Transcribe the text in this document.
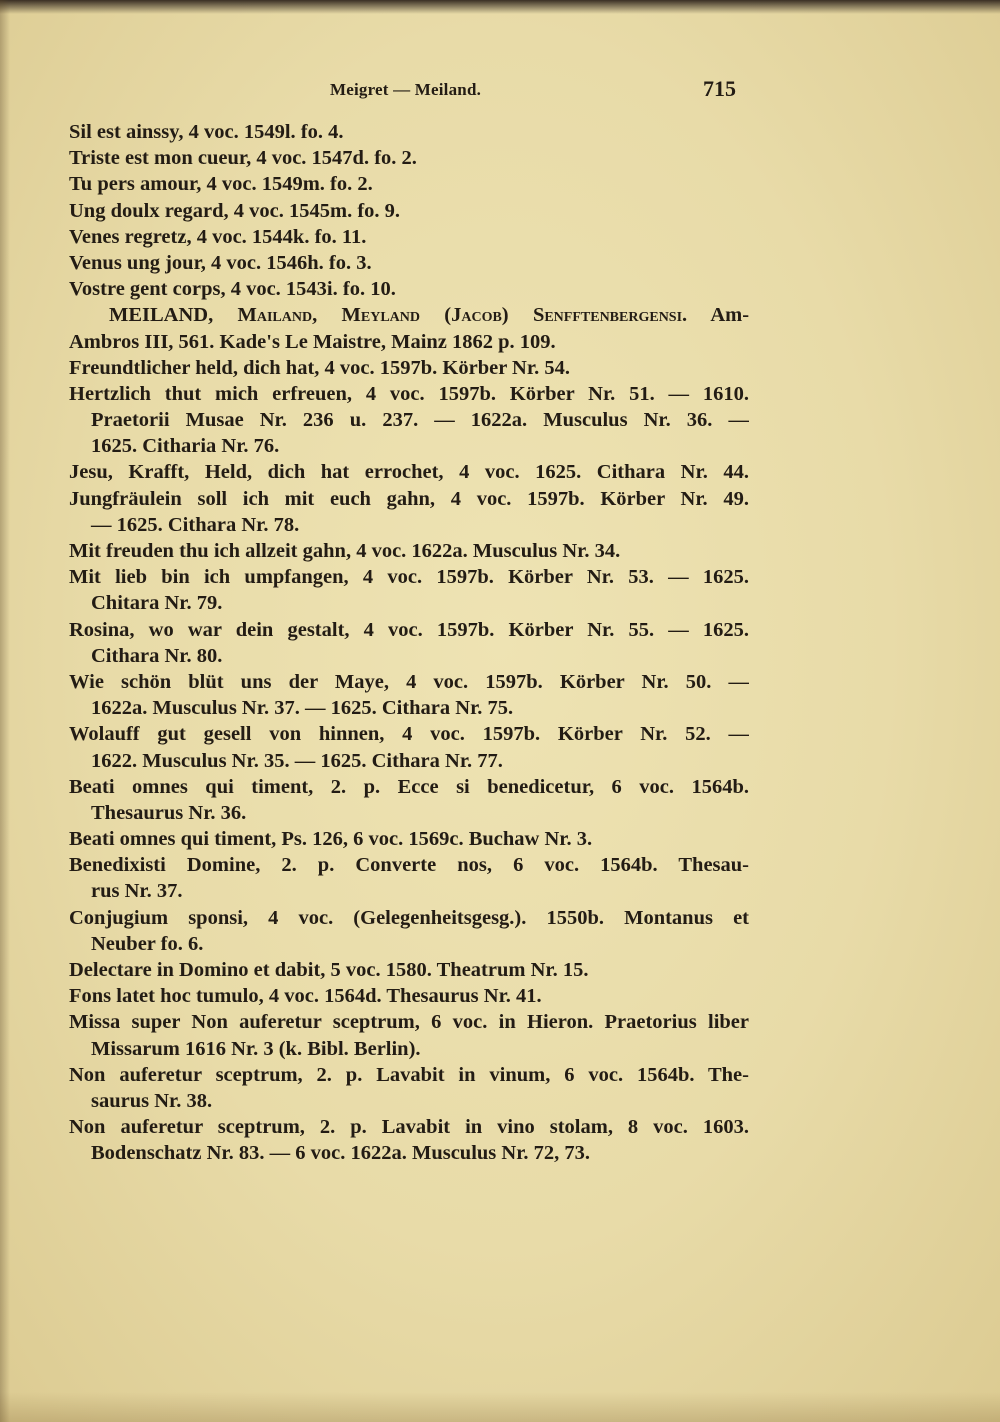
Meigret — Meiland.	715
Sil est ainssy, 4 voc. 1549l. fo. 4.
Triste est mon cueur, 4 voc. 1547d. fo. 2.
Tu pers amour, 4 voc. 1549m. fo. 2.
Ung doulx regard, 4 voc. 1545m. fo. 9.
Venes regretz, 4 voc. 1544k. fo. 11.
Venus ung jour, 4 voc. 1546h. fo. 3.
Vostre gent corps, 4 voc. 1543i. fo. 10.
MEILAND, Mailand, Meyland (Jacob) Senfftenbergensi. Am-
Ambros III, 561. Kade's Le Maistre, Mainz 1862 p. 109.
Freundtlicher held, dich hat, 4 voc. 1597b. Körber Nr. 54.
Hertzlich thut mich erfreuen, 4 voc. 1597b. Körber Nr. 51. — 1610.
Praetorii Musae Nr. 236 u. 237. — 1622a. Musculus Nr. 36. —
1625. Citharia Nr. 76.
Jesu, Krafft, Held, dich hat errochet, 4 voc. 1625. Cithara Nr. 44.
Jungfräulein soll ich mit euch gahn, 4 voc. 1597b. Körber Nr. 49.
— 1625. Cithara Nr. 78.
Mit freuden thu ich allzeit gahn, 4 voc. 1622a. Musculus Nr. 34.
Mit lieb bin ich umpfangen, 4 voc. 1597b. Körber Nr. 53. — 1625.
Chitara Nr. 79.
Rosina, wo war dein gestalt, 4 voc. 1597b. Körber Nr. 55. — 1625.
Cithara Nr. 80.
Wie schön blüt uns der Maye, 4 voc. 1597b. Körber Nr. 50. —
1622a. Musculus Nr. 37. — 1625. Cithara Nr. 75.
Wolauff gut gesell von hinnen, 4 voc. 1597b. Körber Nr. 52. —
1622. Musculus Nr. 35. — 1625. Cithara Nr. 77.
Beati omnes qui timent, 2. p. Ecce si benedicetur, 6 voc. 1564b.
Thesaurus Nr. 36.
Beati omnes qui timent, Ps. 126, 6 voc. 1569c. Buchaw Nr. 3.
Benedixisti Domine, 2. p. Converte nos, 6 voc. 1564b. Thesau-
rus Nr. 37.
Conjugium sponsi, 4 voc. (Gelegenheitsgesg.). 1550b. Montanus et
Neuber fo. 6.
Delectare in Domino et dabit, 5 voc. 1580. Theatrum Nr. 15.
Fons latet hoc tumulo, 4 voc. 1564d. Thesaurus Nr. 41.
Missa super Non auferetur sceptrum, 6 voc. in Hieron. Praetorius liber
Missarum 1616 Nr. 3 (k. Bibl. Berlin).
Non auferetur sceptrum, 2. p. Lavabit in vinum, 6 voc. 1564b. The-
saurus Nr. 38.
Non auferetur sceptrum, 2. p. Lavabit in vino stolam, 8 voc. 1603.
Bodenschatz Nr. 83. — 6 voc. 1622a. Musculus Nr. 72, 73.
